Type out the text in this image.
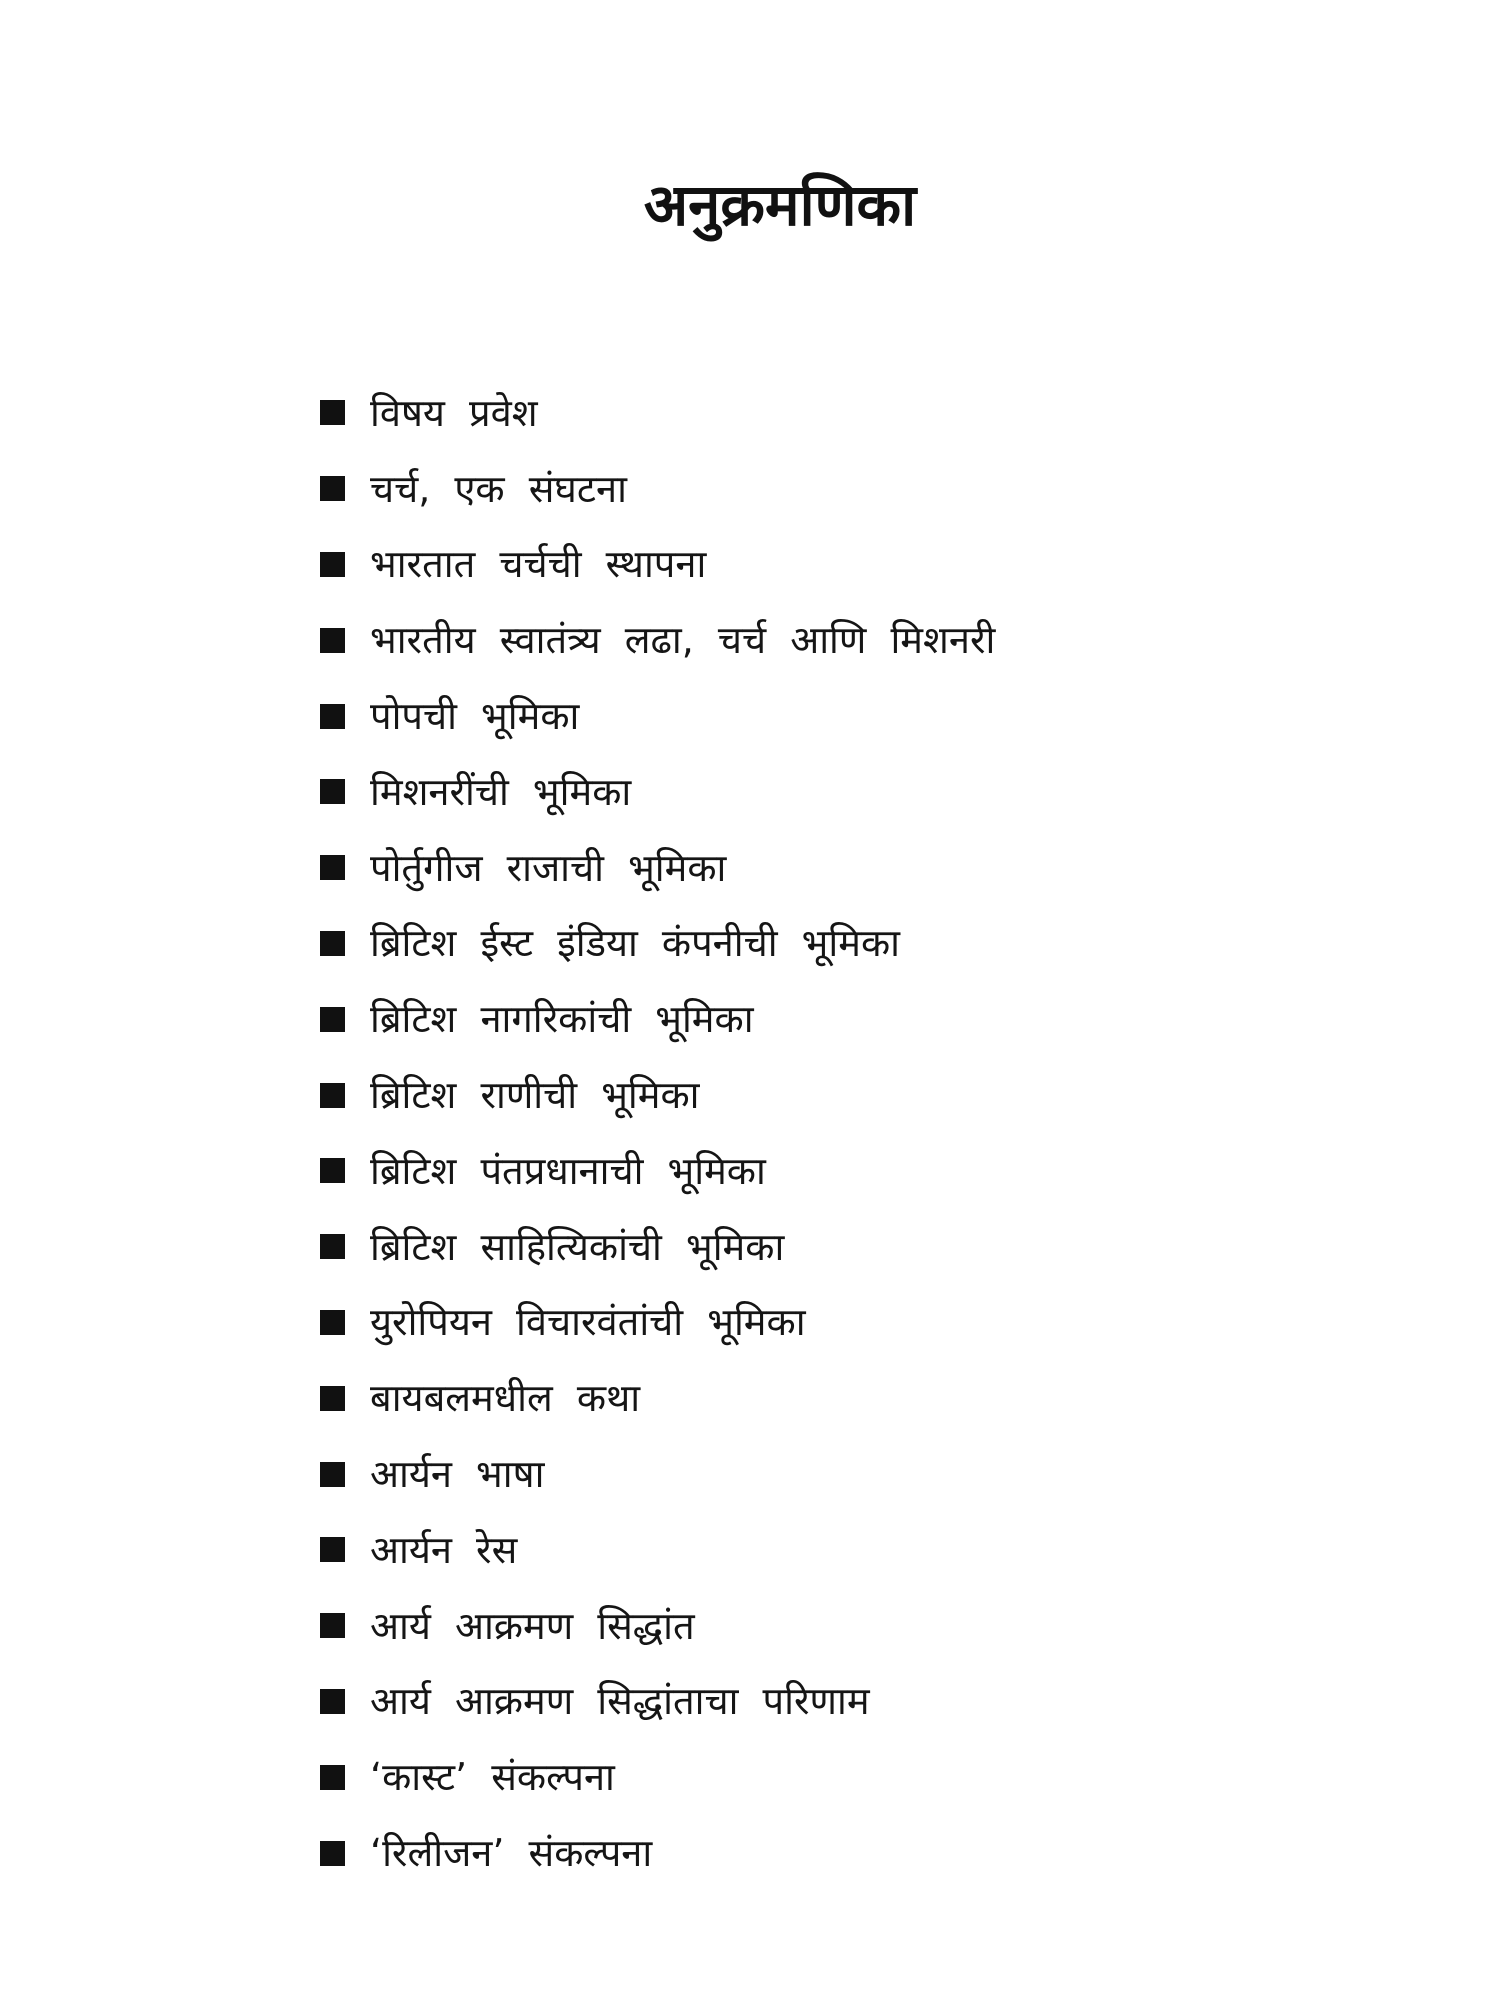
अनुक्रमणिका
विषय प्रवेश
चर्च, एक संघटना
भारतात चर्चची स्थापना
भारतीय स्वातंत्र्य लढा, चर्च आणि मिशनरी
पोपची भूमिका
मिशनरींची भूमिका
पोर्तुगीज राजाची भूमिका
ब्रिटिश ईस्ट इंडिया कंपनीची भूमिका
ब्रिटिश नागरिकांची भूमिका
ब्रिटिश राणीची भूमिका
ब्रिटिश पंतप्रधानाची भूमिका
ब्रिटिश साहित्यिकांची भूमिका
युरोपियन विचारवंतांची भूमिका
बायबलमधील कथा
आर्यन भाषा
आर्यन रेस
आर्य आक्रमण सिद्धांत
आर्य आक्रमण सिद्धांताचा परिणाम
‘कास्ट’ संकल्पना
‘रिलीजन’ संकल्पना
